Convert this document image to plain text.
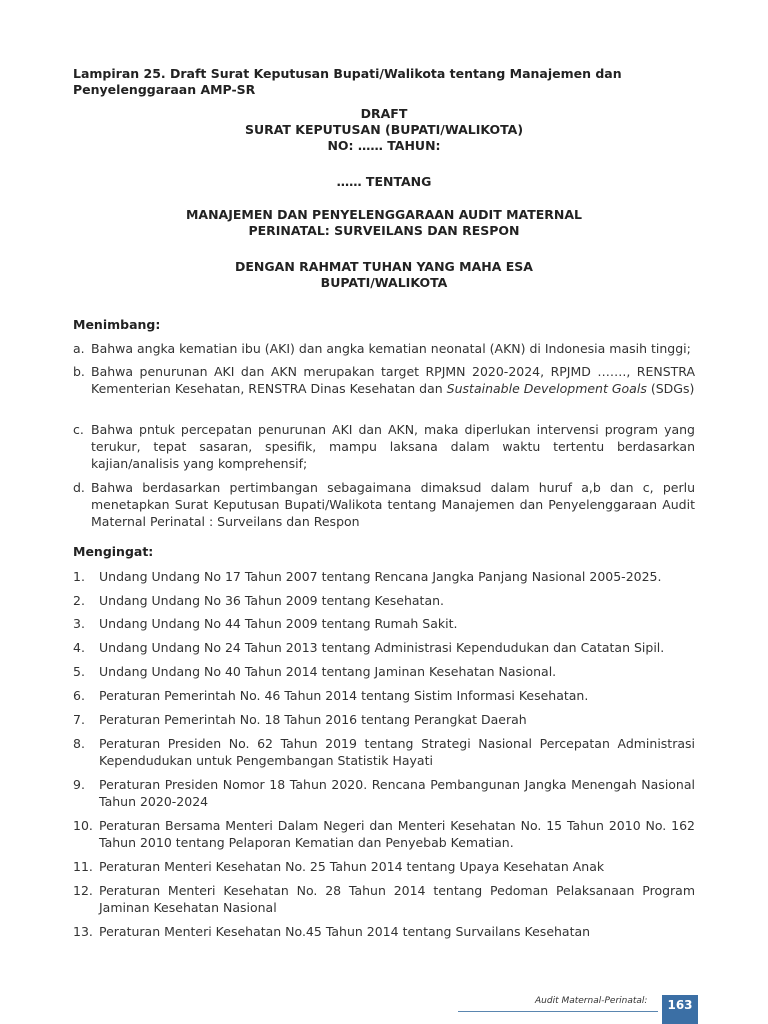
Lampiran 25. Draft Surat Keputusan Bupati/Walikota tentang Manajemen dan Penyelenggaraan AMP-SR
DRAFT
SURAT KEPUTUSAN (BUPATI/WALIKOTA)
NO: …… TAHUN:
…… TENTANG
MANAJEMEN DAN PENYELENGGARAAN AUDIT MATERNAL
PERINATAL: SURVEILANS DAN RESPON
DENGAN RAHMAT TUHAN YANG MAHA ESA
BUPATI/WALIKOTA
Menimbang:
a. Bahwa angka kematian ibu (AKI) dan angka kematian neonatal (AKN) di Indonesia masih tinggi;
b. Bahwa penurunan AKI dan AKN merupakan target RPJMN 2020-2024, RPJMD ……., RENSTRA Kementerian Kesehatan, RENSTRA Dinas Kesehatan dan Sustainable Development Goals (SDGs)
c. Bahwa pntuk percepatan penurunan AKI dan AKN, maka diperlukan intervensi program yang terukur, tepat sasaran, spesifik, mampu laksana dalam waktu tertentu berdasarkan kajian/analisis yang komprehensif;
d. Bahwa berdasarkan pertimbangan sebagaimana dimaksud dalam huruf a,b dan c, perlu menetapkan Surat Keputusan Bupati/Walikota tentang Manajemen dan Penyelenggaraan Audit Maternal Perinatal : Surveilans dan Respon
Mengingat:
1. Undang Undang No 17 Tahun 2007 tentang Rencana Jangka Panjang Nasional 2005-2025.
2. Undang Undang No 36 Tahun 2009 tentang Kesehatan.
3. Undang Undang No 44 Tahun 2009 tentang Rumah Sakit.
4. Undang Undang No 24 Tahun 2013 tentang Administrasi Kependudukan dan Catatan Sipil.
5. Undang Undang No 40 Tahun 2014 tentang Jaminan Kesehatan Nasional.
6. Peraturan Pemerintah No. 46 Tahun 2014 tentang Sistim Informasi Kesehatan.
7. Peraturan Pemerintah No. 18 Tahun 2016 tentang Perangkat Daerah
8. Peraturan Presiden No. 62 Tahun 2019 tentang Strategi Nasional Percepatan Administrasi Kependudukan untuk Pengembangan Statistik Hayati
9. Peraturan Presiden Nomor 18 Tahun 2020. Rencana Pembangunan Jangka Menengah Nasional Tahun 2020-2024
10. Peraturan Bersama Menteri Dalam Negeri dan Menteri Kesehatan No. 15 Tahun 2010 No. 162 Tahun 2010 tentang Pelaporan Kematian dan Penyebab Kematian.
11. Peraturan Menteri Kesehatan No. 25 Tahun 2014 tentang Upaya Kesehatan Anak
12. Peraturan Menteri Kesehatan No. 28 Tahun 2014 tentang Pedoman Pelaksanaan Program Jaminan Kesehatan Nasional
13. Peraturan Menteri Kesehatan No.45 Tahun 2014 tentang Survailans Kesehatan
Audit Maternal-Perinatal:	163
